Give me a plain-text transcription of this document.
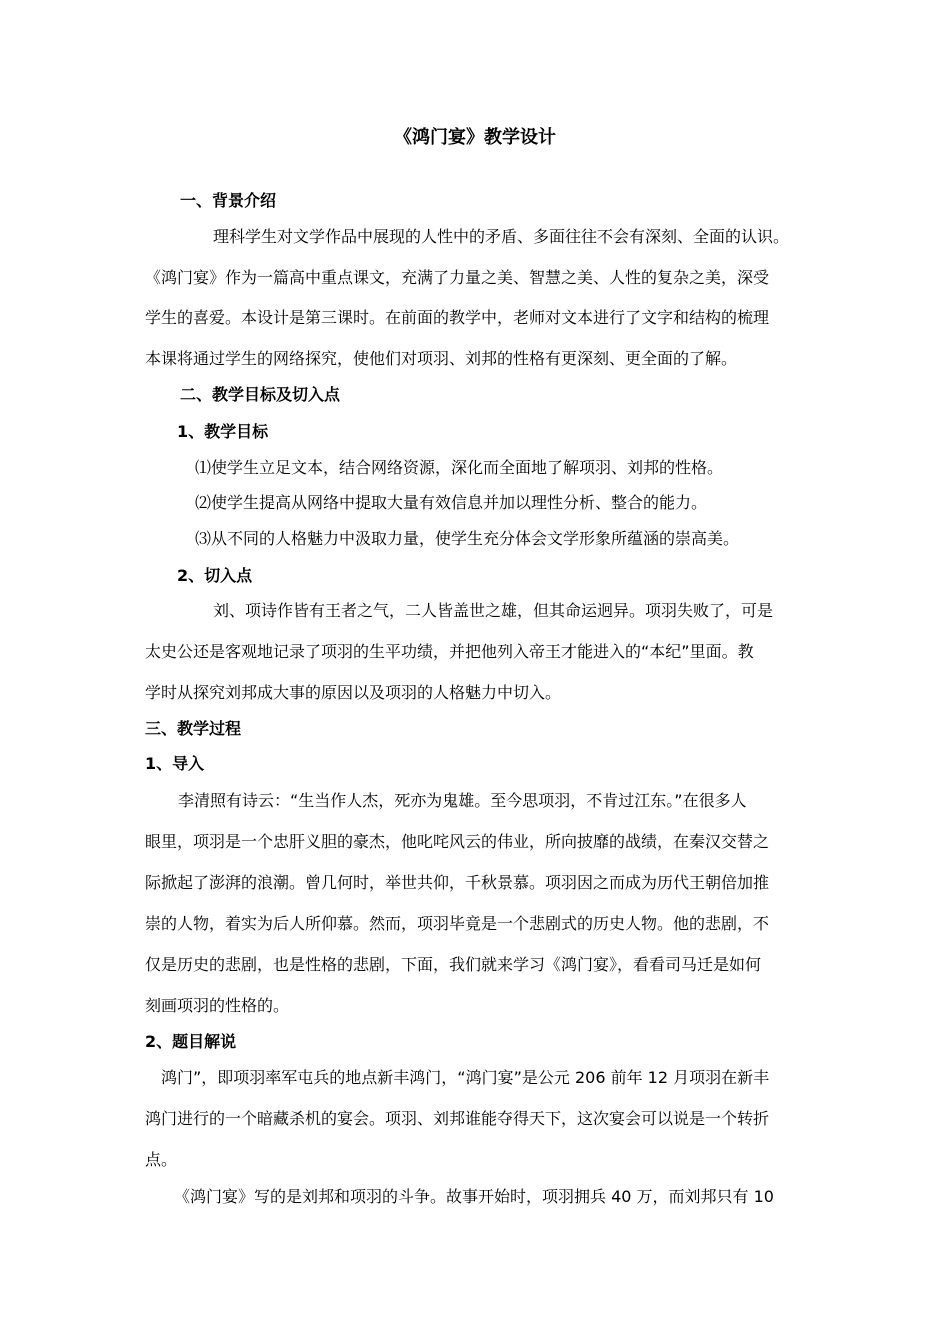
《鸿门宴》教学设计
一、背景介绍
理科学生对文学作品中展现的人性中的矛盾、多面往往不会有深刻、全面的认识。
《鸿门宴》作为一篇高中重点课文，充满了力量之美、智慧之美、人性的复杂之美，深受
学生的喜爱。本设计是第三课时。在前面的教学中，老师对文本进行了文字和结构的梳理
本课将通过学生的网络探究，使他们对项羽、刘邦的性格有更深刻、更全面的了解。
二、教学目标及切入点
1、教学目标
⑴使学生立足文本，结合网络资源，深化而全面地了解项羽、刘邦的性格。
⑵使学生提高从网络中提取大量有效信息并加以理性分析、整合的能力。
⑶从不同的人格魅力中汲取力量，使学生充分体会文学形象所蕴涵的崇高美。
2、切入点
刘、项诗作皆有王者之气，二人皆盖世之雄，但其命运迥异。项羽失败了，可是
太史公还是客观地记录了项羽的生平功绩，并把他列入帝王才能进入的“本纪”里面。教
学时从探究刘邦成大事的原因以及项羽的人格魅力中切入。
三、教学过程
1、导入
李清照有诗云：“生当作人杰，死亦为鬼雄。至今思项羽，不肯过江东。”在很多人
眼里，项羽是一个忠肝义胆的豪杰，他叱咤风云的伟业，所向披靡的战绩，在秦汉交替之
际掀起了澎湃的浪潮。曾几何时，举世共仰，千秋景慕。项羽因之而成为历代王朝倍加推
崇的人物，着实为后人所仰慕。然而，项羽毕竟是一个悲剧式的历史人物。他的悲剧，不
仅是历史的悲剧，也是性格的悲剧，下面，我们就来学习《鸿门宴》，看看司马迁是如何
刻画项羽的性格的。
2、题目解说
鸿门”，即项羽率军屯兵的地点新丰鸿门，“鸿门宴”是公元 206 前年 12 月项羽在新丰
鸿门进行的一个暗藏杀机的宴会。项羽、刘邦谁能夺得天下，这次宴会可以说是一个转折
点。
《鸿门宴》写的是刘邦和项羽的斗争。故事开始时，项羽拥兵 40 万，而刘邦只有 10
